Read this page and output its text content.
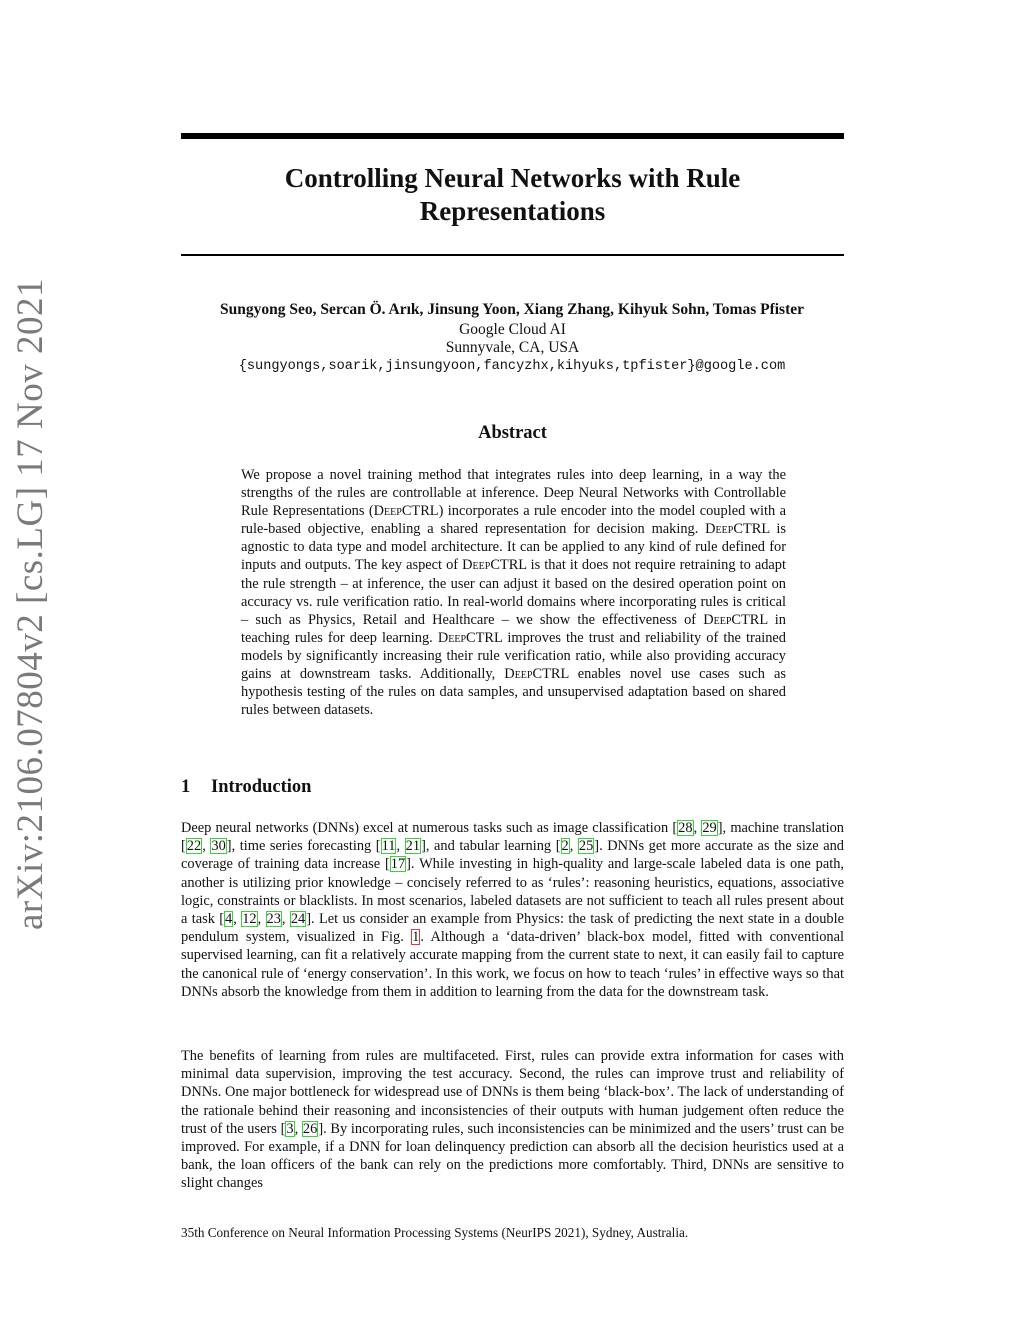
arXiv:2106.07804v2 [cs.LG] 17 Nov 2021
Controlling Neural Networks with Rule
Representations
Sungyong Seo, Sercan Ö. Arık, Jinsung Yoon, Xiang Zhang, Kihyuk Sohn, Tomas Pfister
Google Cloud AI
Sunnyvale, CA, USA
{sungyongs,soarik,jinsungyoon,fancyzhx,kihyuks,tpfister}@google.com
Abstract

We propose a novel training method that integrates rules into deep learning, in a way the strengths of the rules are controllable at inference. Deep Neural Networks with Controllable Rule Representations (DeepCTRL) incorporates a rule encoder into the model coupled with a rule-based objective, enabling a shared representation for decision making. DeepCTRL is agnostic to data type and model architecture. It can be applied to any kind of rule defined for inputs and outputs. The key aspect of DeepCTRL is that it does not require retraining to adapt the rule strength – at inference, the user can adjust it based on the desired operation point on accuracy vs. rule verification ratio. In real-world domains where incorporating rules is critical – such as Physics, Retail and Healthcare – we show the effectiveness of DeepCTRL in teaching rules for deep learning. DeepCTRL improves the trust and reliability of the trained models by significantly increasing their rule verification ratio, while also providing accuracy gains at downstream tasks. Additionally, DeepCTRL enables novel use cases such as hypothesis testing of the rules on data samples, and unsupervised adaptation based on shared rules between datasets.

1 Introduction

Deep neural networks (DNNs) excel at numerous tasks such as image classification [28, 29], machine translation [22, 30], time series forecasting [11, 21], and tabular learning [2, 25]. DNNs get more accurate as the size and coverage of training data increase [17]. While investing in high-quality and large-scale labeled data is one path, another is utilizing prior knowledge – concisely referred to as ‘rules’: reasoning heuristics, equations, associative logic, constraints or blacklists. In most scenarios, labeled datasets are not sufficient to teach all rules present about a task [4, 12, 23, 24]. Let us consider an example from Physics: the task of predicting the next state in a double pendulum system, visualized in Fig. 1. Although a ‘data-driven’ black-box model, fitted with conventional supervised learning, can fit a relatively accurate mapping from the current state to next, it can easily fail to capture the canonical rule of ‘energy conservation’. In this work, we focus on how to teach ‘rules’ in effective ways so that DNNs absorb the knowledge from them in addition to learning from the data for the downstream task.

The benefits of learning from rules are multifaceted. First, rules can provide extra information for cases with minimal data supervision, improving the test accuracy. Second, the rules can improve trust and reliability of DNNs. One major bottleneck for widespread use of DNNs is them being ‘black-box’. The lack of understanding of the rationale behind their reasoning and inconsistencies of their outputs with human judgement often reduce the trust of the users [3, 26]. By incorporating rules, such inconsistencies can be minimized and the users’ trust can be improved. For example, if a DNN for loan delinquency prediction can absorb all the decision heuristics used at a bank, the loan officers of the bank can rely on the predictions more comfortably. Third, DNNs are sensitive to slight changes

35th Conference on Neural Information Processing Systems (NeurIPS 2021), Sydney, Australia.
